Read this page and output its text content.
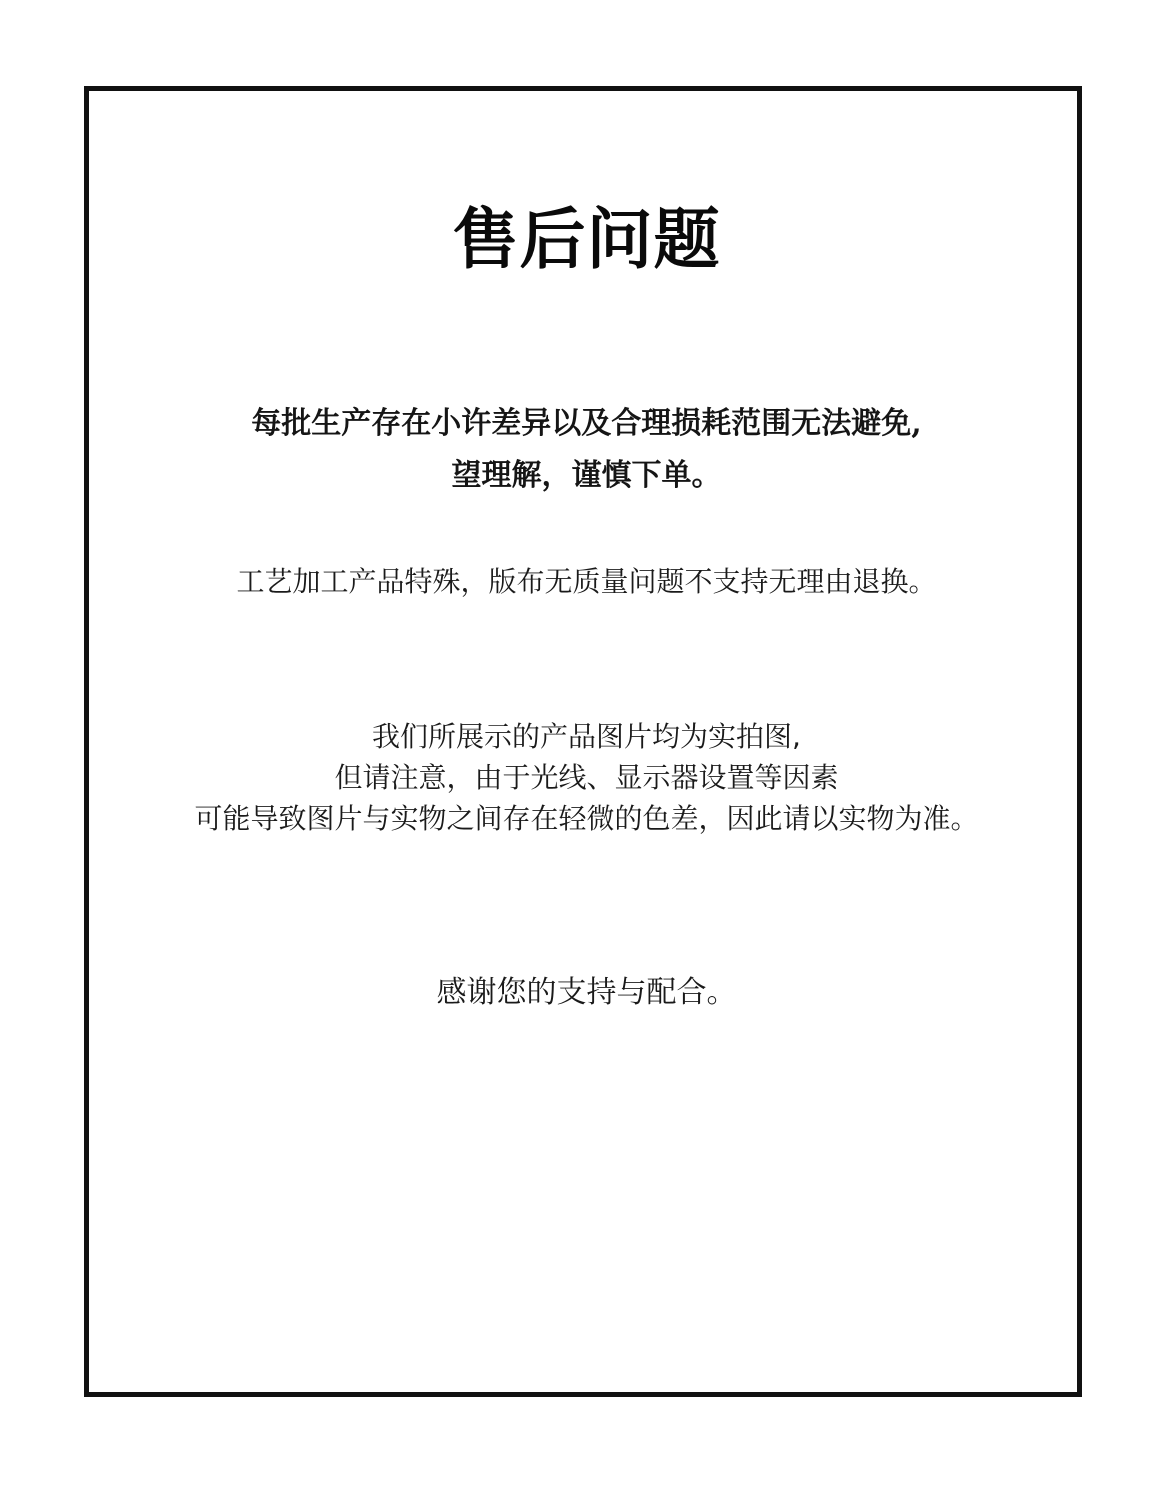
售后问题

每批生产存在小许差异以及合理损耗范围无法避免,

望理解，谨慎下单。

工艺加工产品特殊，版布无质量问题不支持无理由退换。

我们所展示的产品图片均为实拍图,

但请注意，由于光线、显示器设置等因素

可能导致图片与实物之间存在轻微的色差，因此请以实物为准。

感谢您的支持与配合。
